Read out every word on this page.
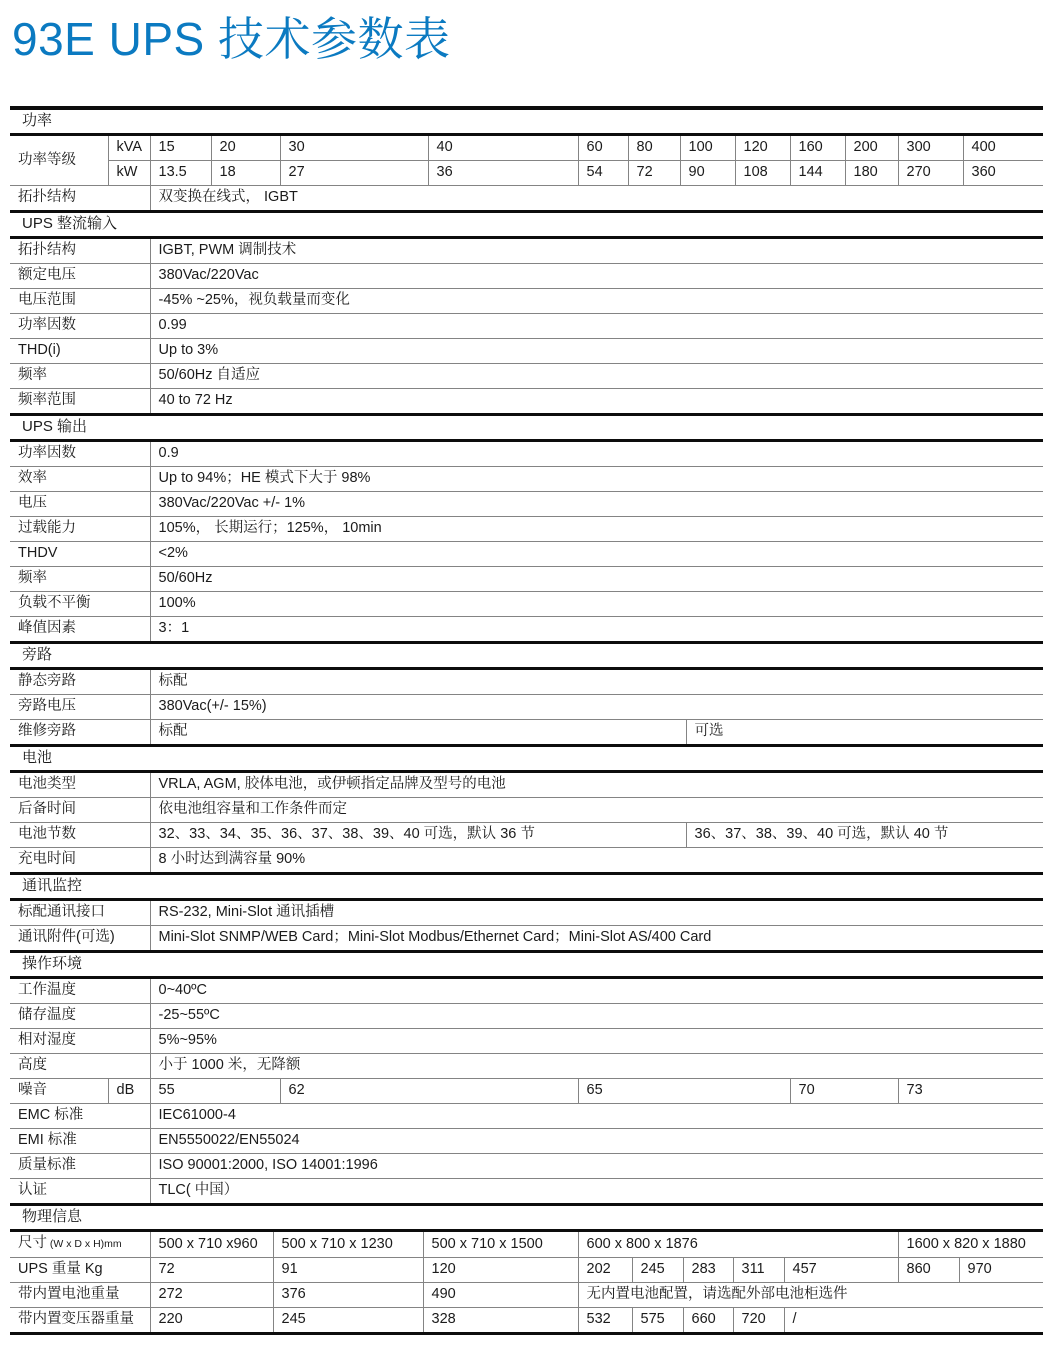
93E UPS 技术参数表
功率
功率等级	kVA	15	20	30	40	60	80	100	120	160	200	300	400
	kW	13.5	18	27	36	54	72	90	108	144	180	270	360
拓扑结构		双变换在线式， IGBT											
UPS 整流输入
拓扑结构	IGBT, PWM 调制技术
额定电压	380Vac/220Vac
电压范围	-45% ~25%，视负载量而变化
功率因数	0.99
THD(i)	Up to 3%
频率	50/60Hz 自适应
频率范围	40 to 72 Hz
UPS 输出
功率因数	0.9
效率	Up to 94%；HE 模式下大于 98%
电压	380Vac/220Vac +/- 1%
过载能力	105%， 长期运行；125%， 10min
THDV	<2%
频率	50/60Hz
负载不平衡	100%
峰值因素	3：1
旁路
静态旁路	标配	
旁路电压	380Vac(+/- 15%)	
维修旁路	标配	可选
电池
电池类型	VRLA, AGM, 胶体电池，或伊顿指定品牌及型号的电池	
后备时间	依电池组容量和工作条件而定	
电池节数	32、33、34、35、36、37、38、39、40 可选，默认 36 节	36、37、38、39、40 可选，默认 40 节
充电时间	8 小时达到满容量 90%	
通讯监控
标配通讯接口	RS-232, Mini-Slot 通讯插槽
通讯附件(可选)	Mini-Slot SNMP/WEB Card；Mini-Slot Modbus/Ethernet Card；Mini-Slot AS/400 Card
操作环境
工作温度		0~40ºC				
储存温度		-25~55ºC				
相对湿度		5%~95%				
高度		小于 1000 米，无降额				
噪音	dB	55	62	65	70	73
EMC 标准		IEC61000-4				
EMI 标准		EN5550022/EN55024				
质量标准		ISO 90001:2000, ISO 14001:1996				
认证		TLC( 中国）				
物理信息
尺寸 (W x D x H)mm	500 x 710 x960	500 x 710 x 1230	500 x 710 x 1500	600 x 800 x 1876					1600 x 820 x 1880	
UPS 重量 Kg	72	91	120	202	245	283	311	457	860	970
带内置电池重量	272	376	490	无内置电池配置，请选配外部电池柜选件						
带内置变压器重量	220	245	328	532	575	660	720	/		
